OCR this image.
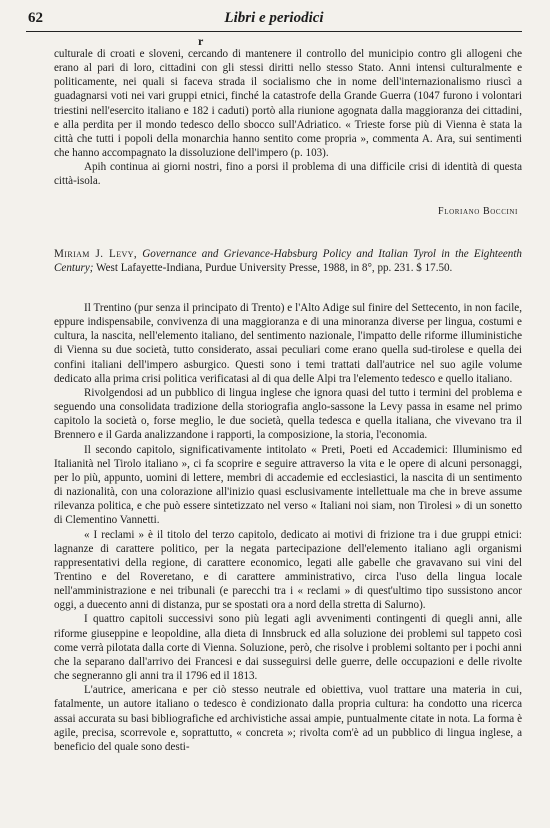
62	Libri e periodici
r

culturale di croati e sloveni, cercando di mantenere il controllo del municipio contro gli allogeni che erano al pari di loro, cittadini con gli stessi diritti nello stesso Stato. Anni intensi culturalmente e politicamente, nei quali si faceva strada il socialismo che in nome dell'internazionalismo riuscì a guadagnarsi voti nei vari gruppi etnici, finché la catastrofe della Grande Guerra (1047 furono i volontari triestini nell'esercito italiano e 182 i caduti) portò alla riunione agognata dalla maggioranza dei cittadini, e alla perdita per il mondo tedesco dello sbocco sull'Adriatico. « Trieste forse più di Vienna è stata la città che tutti i popoli della monarchia hanno sentito come propria », commenta A. Ara, sui sentimenti che hanno accompagnato la dissoluzione dell'impero (p. 103).

Apih continua ai giorni nostri, fino a porsi il problema di una difficile crisi di identità di questa città-isola.

Floriano Boccini
Miriam J. Levy, Governance and Grievance-Habsburg Policy and Italian Tyrol in the Eighteenth Century; West Lafayette-Indiana, Purdue University Presse, 1988, in 8°, pp. 231. $ 17.50.

Il Trentino (pur senza il principato di Trento) e l'Alto Adige sul finire del Settecento, in non facile, eppure indispensabile, convivenza di una maggioranza e di una minoranza diverse per lingua, costumi e cultura, la nascita, nell'elemento italiano, del sentimento nazionale, l'impatto delle riforme illuministiche di Vienna su due società, tutto considerato, assai peculiari come erano quella sud-tirolese e quella dei confini italiani dell'impero asburgico. Questi sono i temi trattati dall'autrice nel suo agile volume dedicato alla prima crisi politica verificatasi al di qua delle Alpi tra l'elemento tedesco e quello italiano.

Rivolgendosi ad un pubblico di lingua inglese che ignora quasi del tutto i termini del problema e seguendo una consolidata tradizione della storiografia anglo-sassone la Levy passa in esame nel primo capitolo la società o, forse meglio, le due società, quella tedesca e quella italiana, che vivevano tra il Brennero e il Garda analizzandone i rapporti, la composizione, la storia, l'economia.

Il secondo capitolo, significativamente intitolato « Preti, Poeti ed Accademici: Illuminismo ed Italianità nel Tirolo italiano », ci fa scoprire e seguire attraverso la vita e le opere di alcuni personaggi, per lo più, appunto, uomini di lettere, membri di accademie ed ecclesiastici, la nascita di un sentimento di nazionalità, con una colorazione all'inizio quasi esclusivamente intellettuale ma che in breve assume rilevanza politica, e che può essere sintetizzato nel verso « Italiani noi siam, non Tirolesi » di un sonetto di Clementino Vannetti.

« I reclami » è il titolo del terzo capitolo, dedicato ai motivi di frizione tra i due gruppi etnici: lagnanze di carattere politico, per la negata partecipazione dell'elemento italiano agli organismi rappresentativi della regione, di carattere economico, legati alle gabelle che gravavano sui vini del Trentino e del Roveretano, e di carattere amministrativo, circa l'uso della lingua locale nell'amministrazione e nei tribunali (e parecchi tra i « reclami » di quest'ultimo tipo sussistono ancor oggi, a duecento anni di distanza, pur se spostati ora a nord della stretta di Salurno).

I quattro capitoli successivi sono più legati agli avvenimenti contingenti di quegli anni, alle riforme giuseppine e leopoldine, alla dieta di Innsbruck ed alla soluzione dei problemi sul tappeto così come verrà pilotata dalla corte di Vienna. Soluzione, però, che risolve i problemi soltanto per i pochi anni che la separano dall'arrivo dei Francesi e dai susseguirsi delle guerre, delle occupazioni e delle rivolte che segneranno gli anni tra il 1796 ed il 1813.

L'autrice, americana e per ciò stesso neutrale ed obiettiva, vuol trattare una materia in cui, fatalmente, un autore italiano o tedesco è condizionato dalla propria cultura: ha condotto una ricerca assai accurata su basi bibliografiche ed archivistiche assai ampie, puntualmente citate in nota. La forma è agile, precisa, scorrevole e, soprattutto, « concreta »; rivolta com'è ad un pubblico di lingua inglese, a beneficio del quale sono desti-
